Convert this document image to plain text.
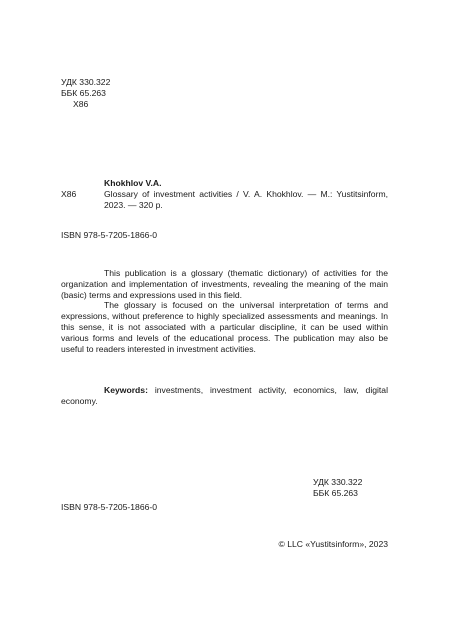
УДК 330.322
ББК 65.263
Х86
Х86
Khokhlov V.A.

Glossary of investment activities / V. A. Khokhlov. — M.: Yustitsinform, 2023. — 320 p.

ISBN 978-5-7205-1866-0

This publication is a glossary (thematic dictionary) of activities for the organization and implementation of investments, revealing the meaning of the main (basic) terms and expressions used in this field.

The glossary is focused on the universal interpretation of terms and expressions, without preference to highly specialized assessments and meanings. In this sense, it is not associated with a particular discipline, it can be used within various forms and levels of the educational process. The publication may also be useful to readers interested in investment activities.

Keywords: investments, investment activity, economics, law, digital economy.

УДК 330.322
ББК 65.263
ISBN 978-5-7205-1866-0
© LLC «Yustitsinform», 2023
